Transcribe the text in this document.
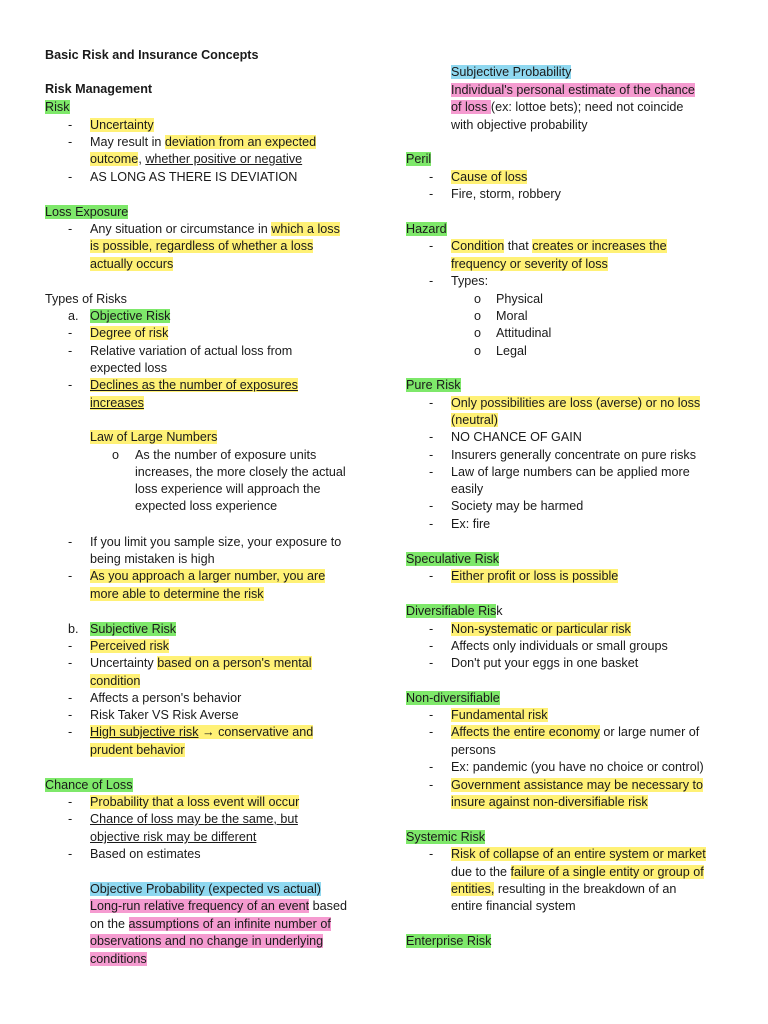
Basic Risk and Insurance Concepts
Risk Management
Risk
- Uncertainty
- May result in deviation from an expected
outcome, whether positive or negative
- AS LONG AS THERE IS DEVIATION
Loss Exposure
- Any situation or circumstance in which a loss
is possible, regardless of whether a loss
actually occurs
Types of Risks
a. Objective Risk
- Degree of risk
- Relative variation of actual loss from
expected loss
- Declines as the number of exposures
increases
Law of Large Numbers
o As the number of exposure units
increases, the more closely the actual
loss experience will approach the
expected loss experience
- If you limit you sample size, your exposure to
being mistaken is high
- As you approach a larger number, you are
more able to determine the risk
b. Subjective Risk
- Perceived risk
- Uncertainty based on a person's mental
condition
- Affects a person's behavior
- Risk Taker VS Risk Averse
- High subjective risk → conservative and
prudent behavior
Chance of Loss
- Probability that a loss event will occur
- Chance of loss may be the same, but
objective risk may be different
- Based on estimates
Objective Probability (expected vs actual)
Long-run relative frequency of an event based
on the assumptions of an infinite number of
observations and no change in underlying
conditions
Subjective Probability
Individual's personal estimate of the chance
of loss (ex: lottoe bets); need not coincide
with objective probability
Peril
- Cause of loss
- Fire, storm, robbery
Hazard
- Condition that creates or increases the
frequency or severity of loss
- Types:
o Physical
o Moral
o Attitudinal
o Legal
Pure Risk
- Only possibilities are loss (averse) or no loss
(neutral)
- NO CHANCE OF GAIN
- Insurers generally concentrate on pure risks
- Law of large numbers can be applied more
easily
- Society may be harmed
- Ex: fire
Speculative Risk
- Either profit or loss is possible
Diversifiable Risk
- Non-systematic or particular risk
- Affects only individuals or small groups
- Don't put your eggs in one basket
Non-diversifiable
- Fundamental risk
- Affects the entire economy or large numer of
persons
- Ex: pandemic (you have no choice or control)
- Government assistance may be necessary to
insure against non-diversifiable risk
Systemic Risk
- Risk of collapse of an entire system or market
due to the failure of a single entity or group of
entities, resulting in the breakdown of an
entire financial system
Enterprise Risk
